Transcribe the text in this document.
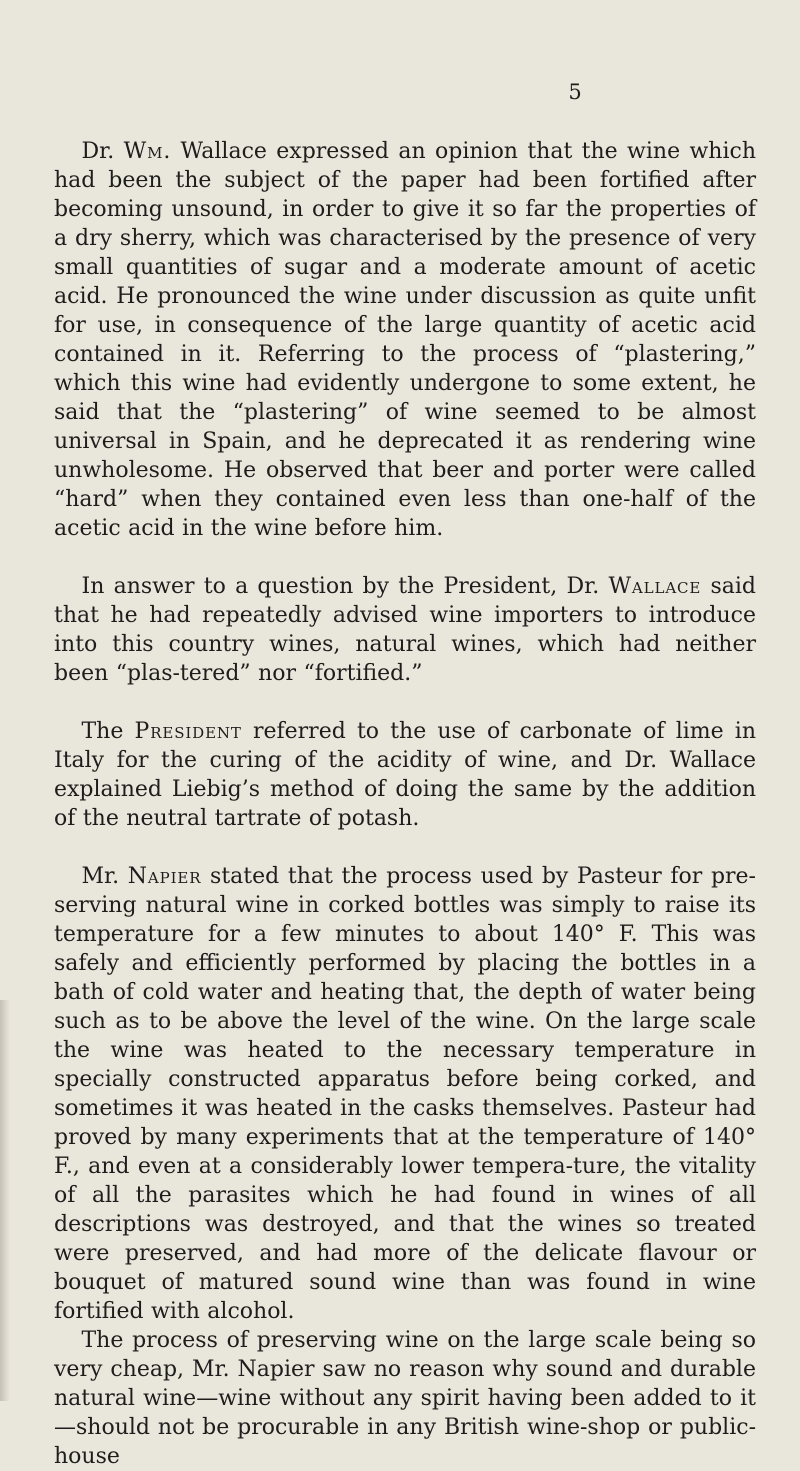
5

Dr. Wm. Wallace expressed an opinion that the wine which had been the subject of the paper had been fortified after becoming unsound, in order to give it so far the properties of a dry sherry, which was characterised by the presence of very small quantities of sugar and a moderate amount of acetic acid. He pronounced the wine under discussion as quite unfit for use, in consequence of the large quantity of acetic acid contained in it. Referring to the process of “plastering,” which this wine had evidently undergone to some extent, he said that the “plastering” of wine seemed to be almost universal in Spain, and he deprecated it as rendering wine unwholesome. He observed that beer and porter were called “hard” when they contained even less than one-half of the acetic acid in the wine before him.

In answer to a question by the President, Dr. Wallace said that he had repeatedly advised wine importers to introduce into this country wines, natural wines, which had neither been “plas-tered” nor “fortified.”

The President referred to the use of carbonate of lime in Italy for the curing of the acidity of wine, and Dr. Wallace explained Liebig’s method of doing the same by the addition of the neutral tartrate of potash.

Mr. Napier stated that the process used by Pasteur for pre-serving natural wine in corked bottles was simply to raise its temperature for a few minutes to about 140° F. This was safely and efficiently performed by placing the bottles in a bath of cold water and heating that, the depth of water being such as to be above the level of the wine. On the large scale the wine was heated to the necessary temperature in specially constructed apparatus before being corked, and sometimes it was heated in the casks themselves. Pasteur had proved by many experiments that at the temperature of 140° F., and even at a considerably lower tempera-ture, the vitality of all the parasites which he had found in wines of all descriptions was destroyed, and that the wines so treated were preserved, and had more of the delicate flavour or bouquet of matured sound wine than was found in wine fortified with alcohol.

The process of preserving wine on the large scale being so very cheap, Mr. Napier saw no reason why sound and durable natural wine—wine without any spirit having been added to it—should not be procurable in any British wine-shop or public-house
